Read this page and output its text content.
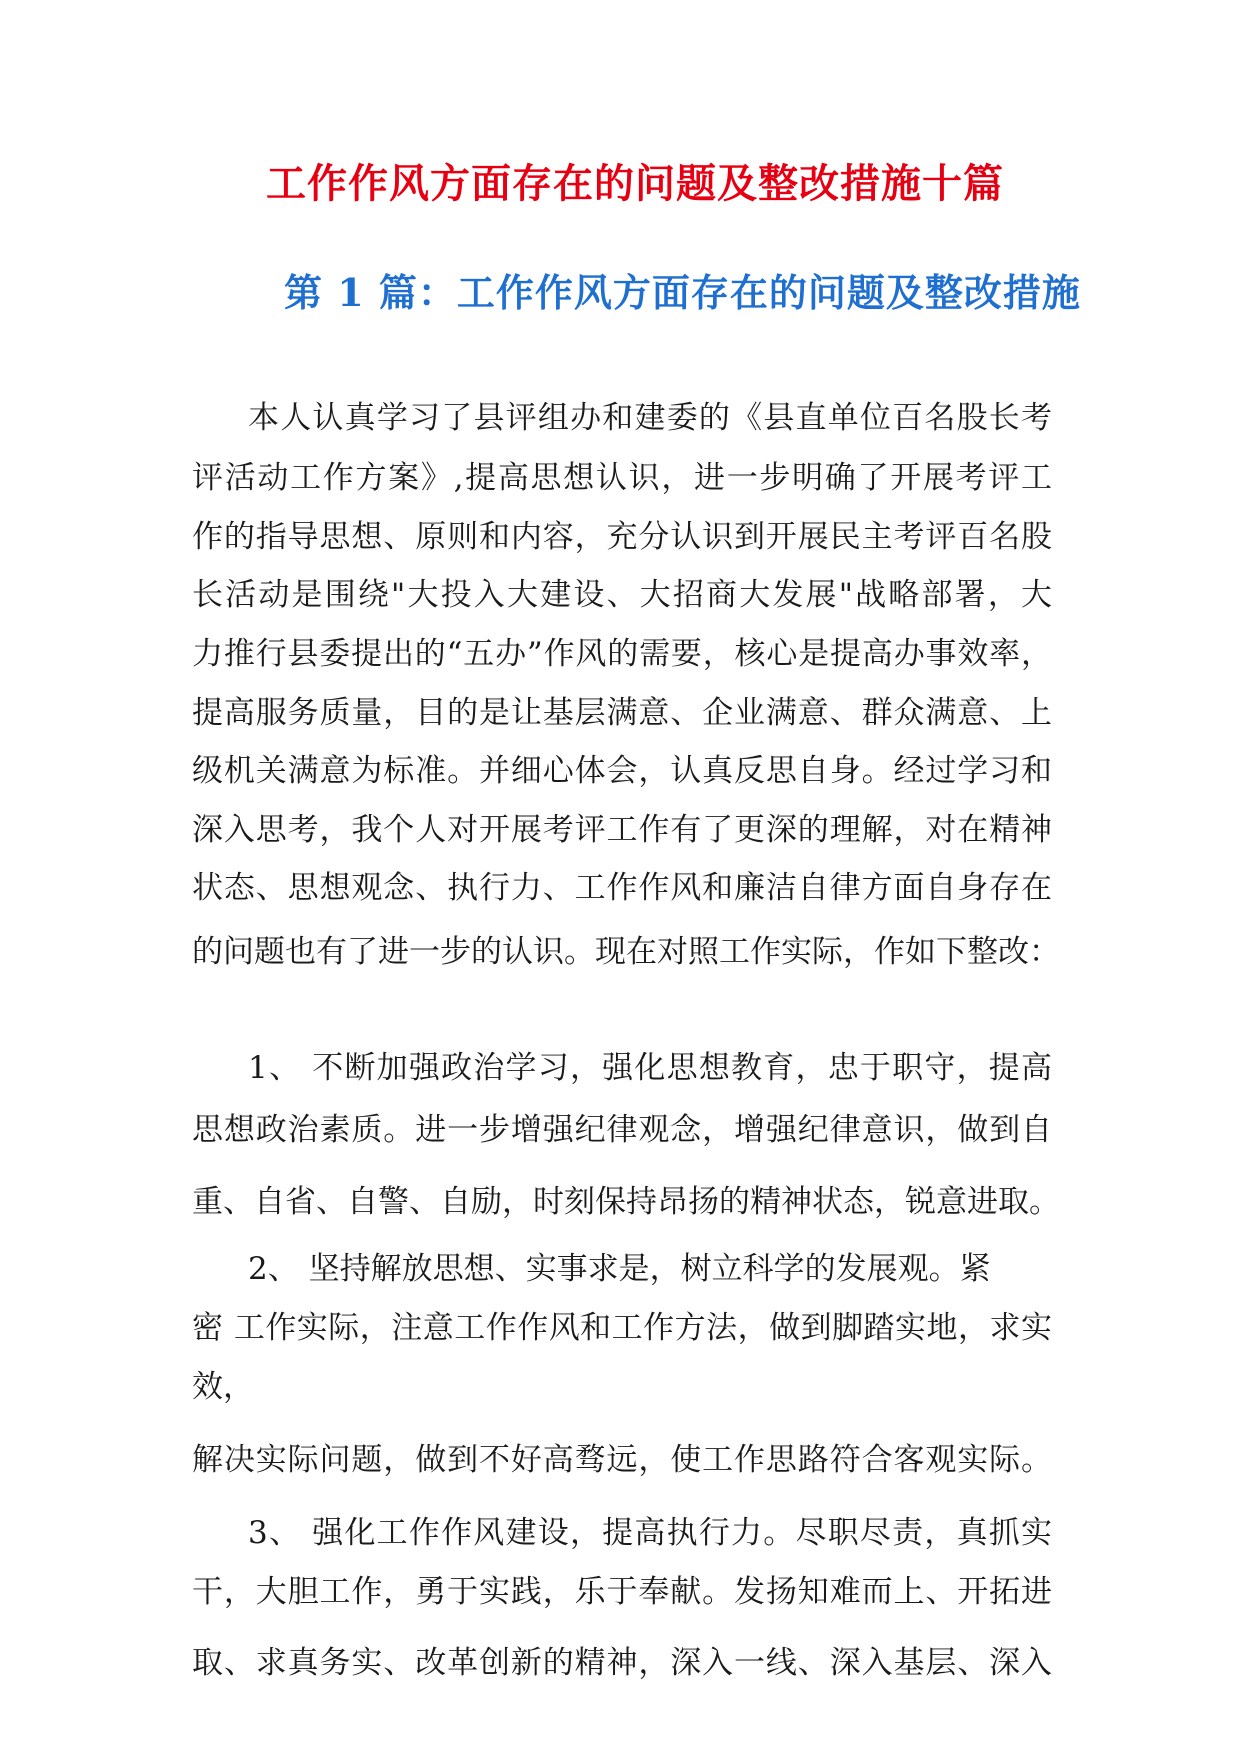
工作作风方面存在的问题及整改措施十篇
第 1 篇：工作作风方面存在的问题及整改措施
本人认真学习了县评组办和建委的《县直单位百名股长考
评活动工作方案》,提高思想认识，进一步明确了开展考评工
作的指导思想、原则和内容，充分认识到开展民主考评百名股
长活动是围绕"大投入大建设、大招商大发展"战略部署，大
力推行县委提出的“五办”作风的需要，核心是提高办事效率，
提高服务质量，目的是让基层满意、企业满意、群众满意、上
级机关满意为标准。并细心体会，认真反思自身。经过学习和
深入思考，我个人对开展考评工作有了更深的理解，对在精神
状态、思想观念、执行力、工作作风和廉洁自律方面自身存在
的问题也有了进一步的认识。现在对照工作实际，作如下整改：
1、 不断加强政治学习，强化思想教育，忠于职守，提高
思想政治素质。进一步增强纪律观念，增强纪律意识，做到自
重、自省、自警、自励，时刻保持昂扬的精神状态，锐意进取。
2、 坚持解放思想、实事求是，树立科学的发展观。紧
密 工作实际，注意工作作风和工作方法，做到脚踏实地，求实
效，
解决实际问题，做到不好高骛远，使工作思路符合客观实际。
3、 强化工作作风建设，提高执行力。尽职尽责，真抓实
干，大胆工作，勇于实践，乐于奉献。发扬知难而上、开拓进
取、求真务实、改革创新的精神，深入一线、深入基层、深入
